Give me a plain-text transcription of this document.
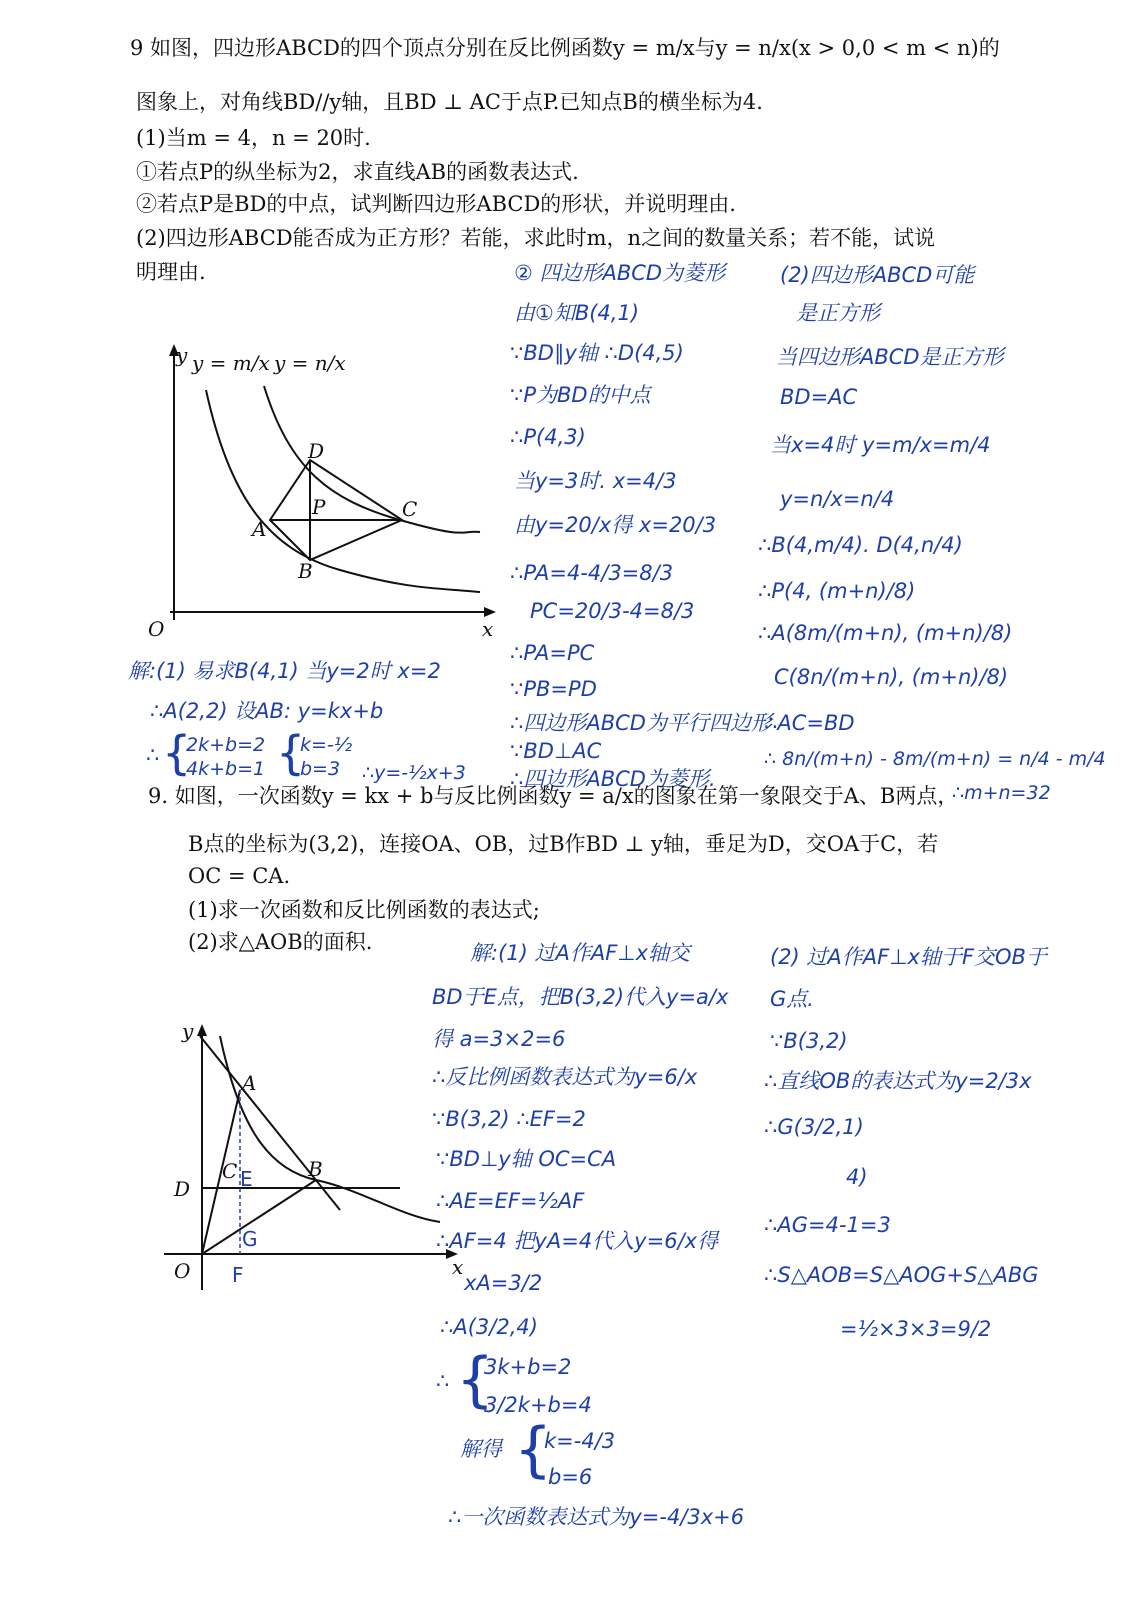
9 如图，四边形ABCD的四个顶点分别在反比例函数y = m/x与y = n/x(x > 0,0 < m < n)的
图象上，对角线BD//y轴，且BD ⊥ AC于点P.已知点B的横坐标为4.
(1)当m = 4，n = 20时.
①若点P的纵坐标为2，求直线AB的函数表达式.
②若点P是BD的中点，试判断四边形ABCD的形状，并说明理由.
(2)四边形ABCD能否成为正方形？若能，求此时m，n之间的数量关系；若不能，试说
明理由.
y y = m/x y = n/x
O	x
D
A
P	C
B
解:(1) 易求B(4,1) 当y=2时 x=2
∴A(2,2) 设AB: y=kx+b
{
2k+b=2
4k+b=1 {
k=-½
b=3 ∴y=-½x+3
∴
② 四边形ABCD为菱形
由①知B(4,1)
∵BD∥y轴 ∴D(4,5)
∵P为BD的中点
∴P(4,3)
当y=3时. x=4/3
由y=20/x得 x=20/3
∴PA=4-4/3=8/3
PC=20/3-4=8/3
∴PA=PC
∵PB=PD
∴四边形ABCD为平行四边形
∵BD⊥AC
∴四边形ABCD为菱形.
(2)四边形ABCD可能
是正方形
当四边形ABCD是正方形
BD=AC
当x=4时 y=m/x=m/4
y=n/x=n/4
∴B(4,m/4). D(4,n/4)
∴P(4, (m+n)/8)
∴A(8m/(m+n), (m+n)/8)
C(8n/(m+n), (m+n)/8)
∴AC=BD
∴ 8n/(m+n) - 8m/(m+n) = n/4 - m/4
∴m+n=32
9. 如图，一次函数y = kx + b与反比例函数y = a/x的图象在第一象限交于A、B两点，
B点的坐标为(3,2)，连接OA、OB，过B作BD ⊥ y轴，垂足为D，交OA于C，若
OC = CA.
(1)求一次函数和反比例函数的表达式;
(2)求△AOB的面积.
y
A
C E	B
D
G
O F	x
解:(1) 过A作AF⊥x轴交
BD于E点，把B(3,2)代入y=a/x
得 a=3×2=6
∴反比例函数表达式为y=6/x
∵B(3,2) ∴EF=2
∵BD⊥y轴 OC=CA
∴AE=EF=½AF
∴AF=4 把yA=4代入y=6/x得
xA=3/2
∴A(3/2,4)
∴ {
3k+b=2
3/2k+b=4
解得 {
k=-4/3
b=6
∴一次函数表达式为y=-4/3x+6
(2) 过A作AF⊥x轴于F交OB于
G点.
∵B(3,2)
∴直线OB的表达式为y=2/3x
∴G(3/2,1)
4)
∴AG=4-1=3
∴S△AOB=S△AOG+S△ABG
=½×3×3=9/2
